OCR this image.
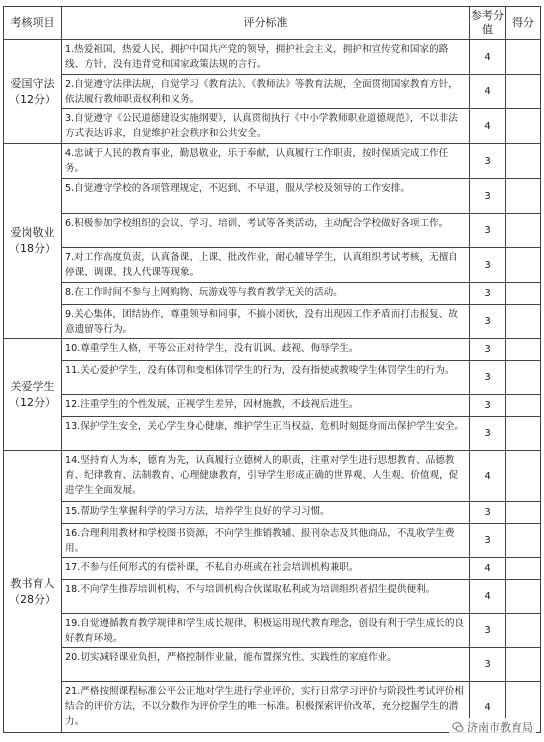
考核项目	评分标准	参考分值	得分

爱国守法
（12分）	1.热爱祖国，热爱人民，拥护中国共产党的领导，拥护社会主义，拥护和宣传党和国家的路线、方针，没有违背党和国家政策法规的言行。	4	
	2.自觉遵守法律法规，自觉学习《教育法》、《教师法》等教育法规，全面贯彻国家教育方针，依法履行教师职责权利和义务。	4	
	3.自觉遵守《公民道德建设实施纲要》，认真贯彻执行《中小学教师职业道德规范》，不以非法方式表达诉求，自觉维护社会秩序和公共安全。	4	

爱岗敬业
（18分）	4.忠诚于人民的教育事业，勤恳敬业，乐于奉献，认真履行工作职责，按时保质完成工作任务。	3	
	5.自觉遵守学校的各项管理规定，不迟到、不早退，服从学校及领导的工作安排。	3	
	6.积极参加学校组织的会议、学习、培训、考试等各类活动，主动配合学校做好各项工作。	3	
	7.对工作高度负责，认真备课、上课、批改作业，耐心辅导学生，认真组织考试考核，无擅自停课、调课、找人代课等现象。	3	
	8.在工作时间不参与上网购物、玩游戏等与教育教学无关的活动。	3	
	9.关心集体，团结协作，尊重领导和同事，不搞小团伙，没有出现因工作矛盾而打击报复、故意遗留等行为。	3	

关爱学生
（12分）	10.尊重学生人格，平等公正对待学生，没有讥讽、歧视、侮辱学生。	3	
	11.关心爱护学生，没有体罚和变相体罚学生的行为，没有指使或教唆学生体罚学生的行为。	3	
	12.注重学生的个性发展，正视学生差异，因材施教，不歧视后进生。	3	
	13.保护学生安全，关心学生身心健康，维护学生正当权益，危机时刻挺身而出保护学生安全。	3	

教书育人
（28分）	14.坚持育人为本，德育为先，认真履行立德树人的职责，注重对学生进行思想教育、品德教育、纪律教育、法制教育、心理健康教育，引导学生形成正确的世界观、人生观、价值观，促进学生全面发展。	4	
	15.帮助学生掌握科学的学习方法，培养学生良好的学习习惯。	3	
	16.合理利用教材和学校图书资源，不向学生推销教辅、报刊杂志及其他商品，不乱收学生费用。	3	
	17.不参与任何形式的有偿补课，不私自办班或在社会培训机构兼职。	4	
	18.不向学生推荐培训机构，不与培训机构合伙谋取私利或为培训组织者招生提供便利。	4	
	19.自觉遵循教育教学规律和学生成长规律，积极运用现代教育理念，创设有利于学生成长的良好教育环境。	3	
	20.切实减轻课业负担，严格控制作业量，能布置探究性、实践性的家庭作业。	3	
	21.严格按照课程标准公平公正地对学生进行学业评价，实行日常学习评价与阶段性考试评价相结合的评价方法，不以分数作为评价学生的唯一标准。积极探索评价改革，充分挖掘学生的潜力。	4	
济南市教育局
